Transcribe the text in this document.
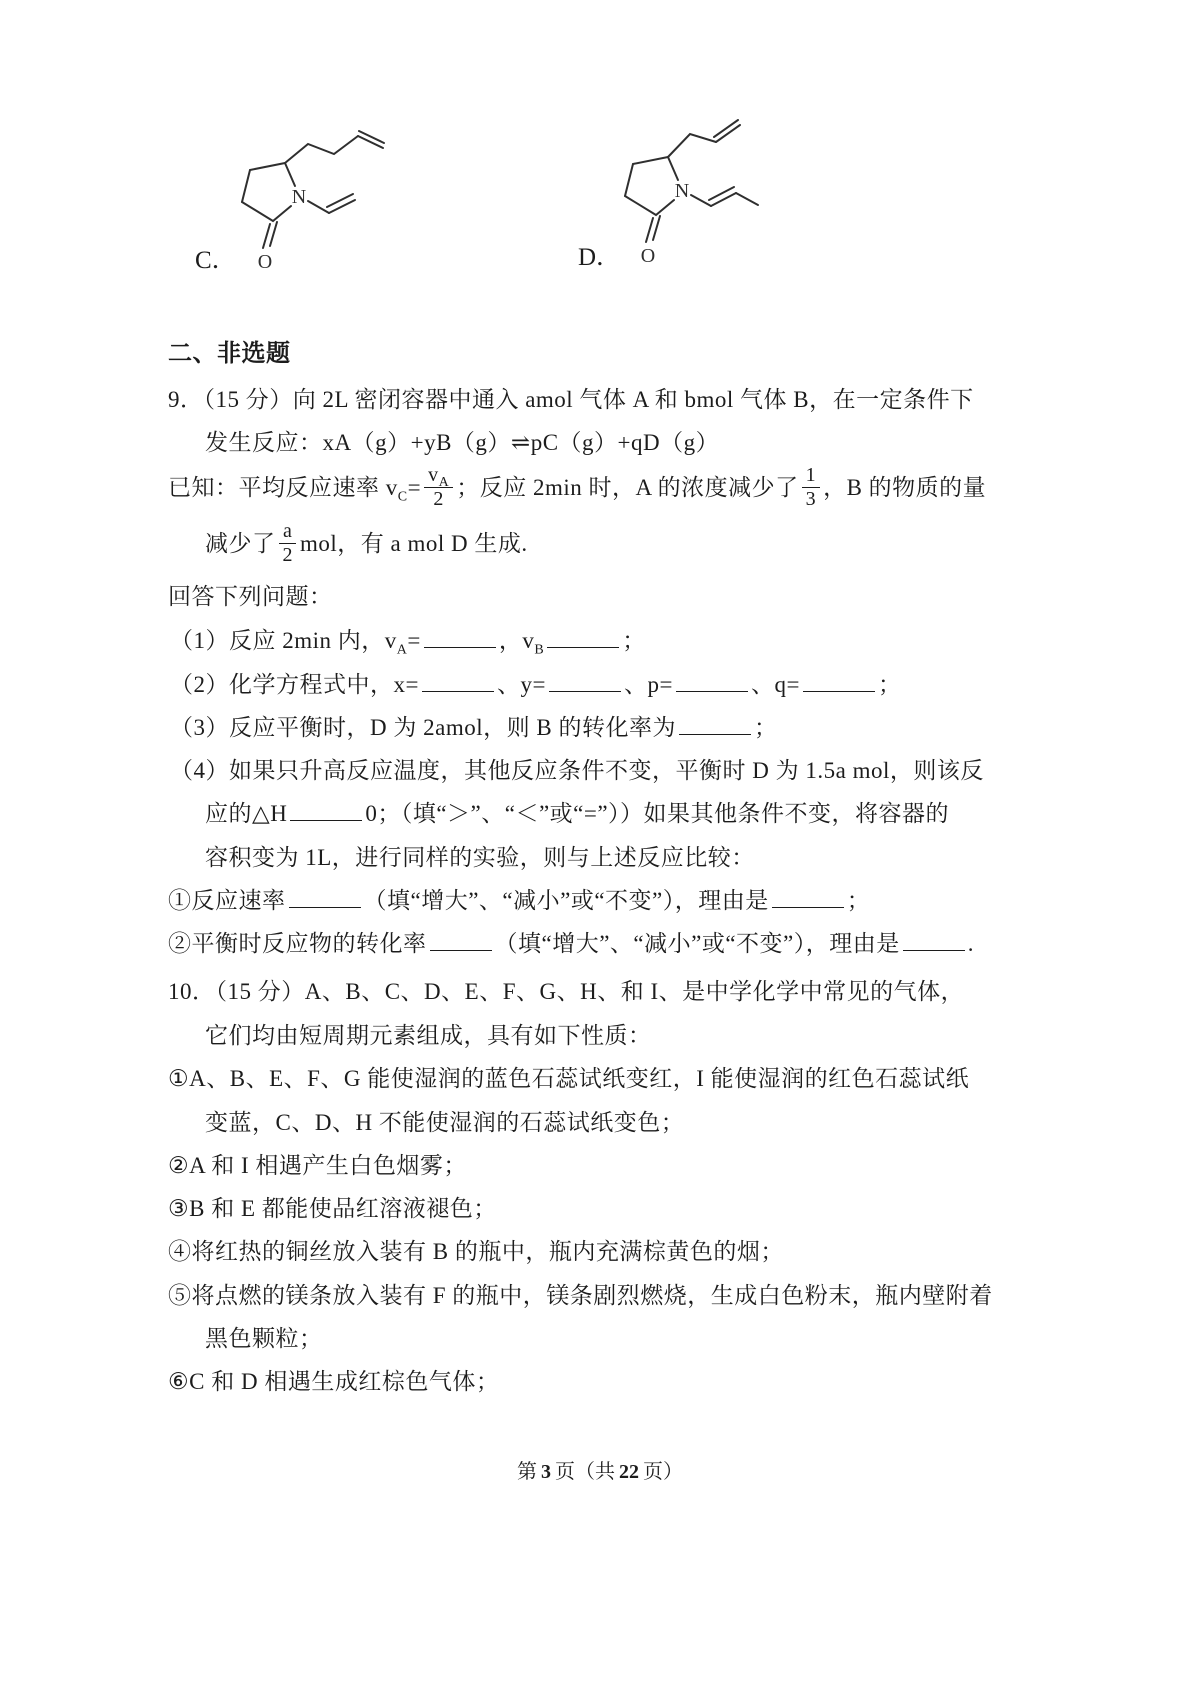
C．
N
O	D．
N
O
二、非选题
9．（15 分）向 2L 密闭容器中通入 amol 气体 A 和 bmol 气体 B，在一定条件下
发生反应：xA（g）+yB（g）⇌pC（g）+qD（g）
已知：平均反应速率 $v_C= \frac{v_A}{2}$ ；反应 2min 时，A 的浓度减少了 $\frac{1}{3}$ ，B 的物质的量
减少了 $\frac{a}{2}$ mol，有 a mol D 生成.
回答下列问题：
（1）反应 2min 内，$v_A=$	，$v_B$	；
（2）化学方程式中，x=	、y=	、p=	、q=	；
（3）反应平衡时，D 为 2amol，则 B 的转化率为	；
（4）如果只升高反应温度，其他反应条件不变，平衡时 D 为 1.5a mol，则该反
应的△H	0；（填“＞”、“＜”或“=”））如果其他条件不变，将容器的
容积变为 1L，进行同样的实验，则与上述反应比较：
①反应速率	（填“增大”、“减小”或“不变”），理由是	；
②平衡时反应物的转化率	（填“增大”、“减小”或“不变”），理由是	.
10．（15 分）A、B、C、D、E、F、G、H、和 I、是中学化学中常见的气体，
它们均由短周期元素组成，具有如下性质：
①A、B、E、F、G 能使湿润的蓝色石蕊试纸变红，I 能使湿润的红色石蕊试纸
变蓝，C、D、H 不能使湿润的石蕊试纸变色；
②A 和 I 相遇产生白色烟雾；
③B 和 E 都能使品红溶液褪色；
④将红热的铜丝放入装有 B 的瓶中，瓶内充满棕黄色的烟；
⑤将点燃的镁条放入装有 F 的瓶中，镁条剧烈燃烧，生成白色粉末，瓶内壁附着
黑色颗粒；
⑥C 和 D 相遇生成红棕色气体；
第 3 页（共 22 页）
